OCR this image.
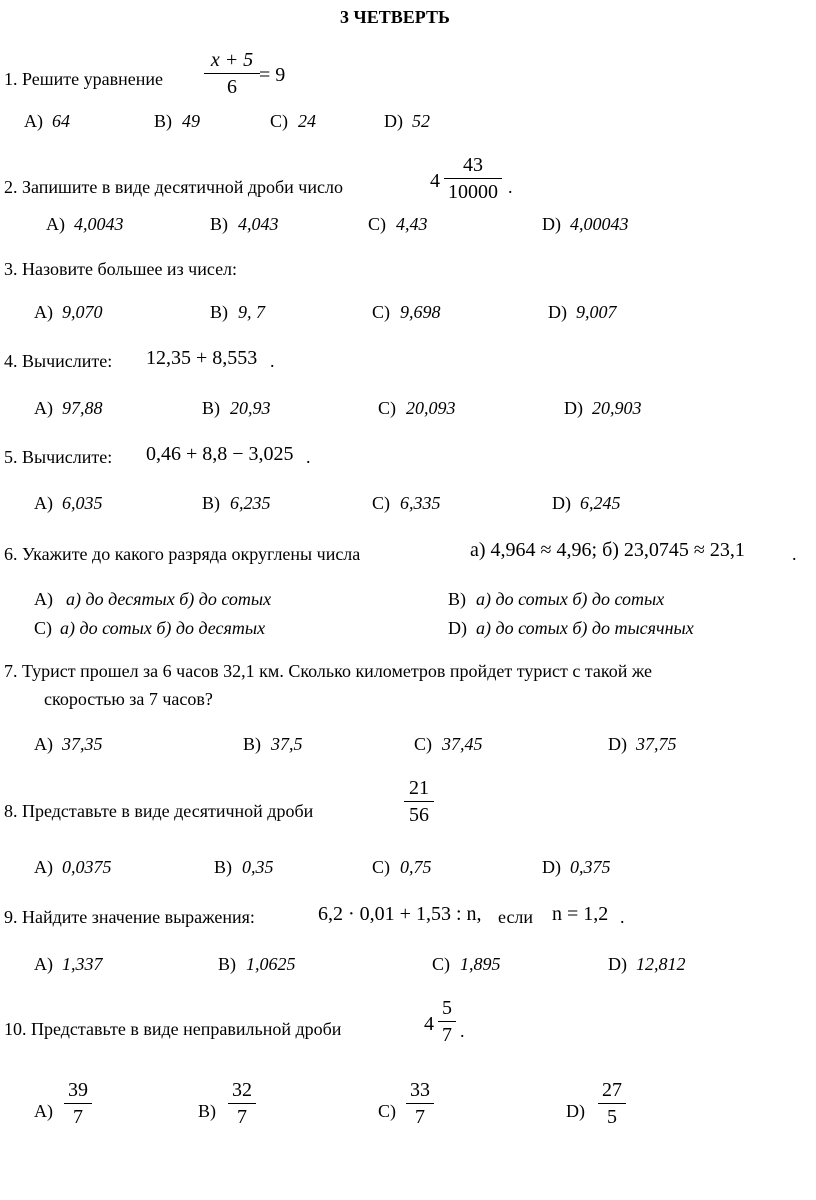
3 ЧЕТВЕРТЬ
1. Решите уравнение
x + 5
6
= 9
A) 64	B) 49	C) 24	D) 52
2. Запишите в виде десятичной дроби число	4
43
10000 .
A) 4,0043	B) 4,043	C) 4,43	D) 4,00043
3. Назовите большее из чисел:
A) 9,070	B) 9, 7	C) 9,698	D) 9,007
4. Вычислите: 12,35 + 8,553 .
A) 97,88	B) 20,93	C) 20,093	D) 20,903
5. Вычислите: 0,46 + 8,8 − 3,025 .
A) 6,035	B) 6,235	C) 6,335	D) 6,245
6. Укажите до какого разряда округлены числа	а) 4,964 ≈ 4,96; б) 23,0745 ≈ 23,1	.
A) а) до десятых б) до сотых	B) а) до сотых б) до сотых
C) а) до сотых б) до десятых	D) а) до сотых б) до тысячных
7. Турист прошел за 6 часов 32,1 км. Сколько километров пройдет турист с такой же
скоростью за 7 часов?
A) 37,35	B) 37,5	C) 37,45	D) 37,75
8. Представьте в виде десятичной дроби
21
56
A) 0,0375	B) 0,35	C) 0,75	D) 0,375
9. Найдите значение выражения:	6,2 · 0,01 + 1,53 : n, если n = 1,2 .
A) 1,337	B) 1,0625	C) 1,895	D) 12,812
10. Представьте в виде неправильной дроби	4
5
7 .
A)
39
7	B)
32
7	C)
33
7	D)
27
5
